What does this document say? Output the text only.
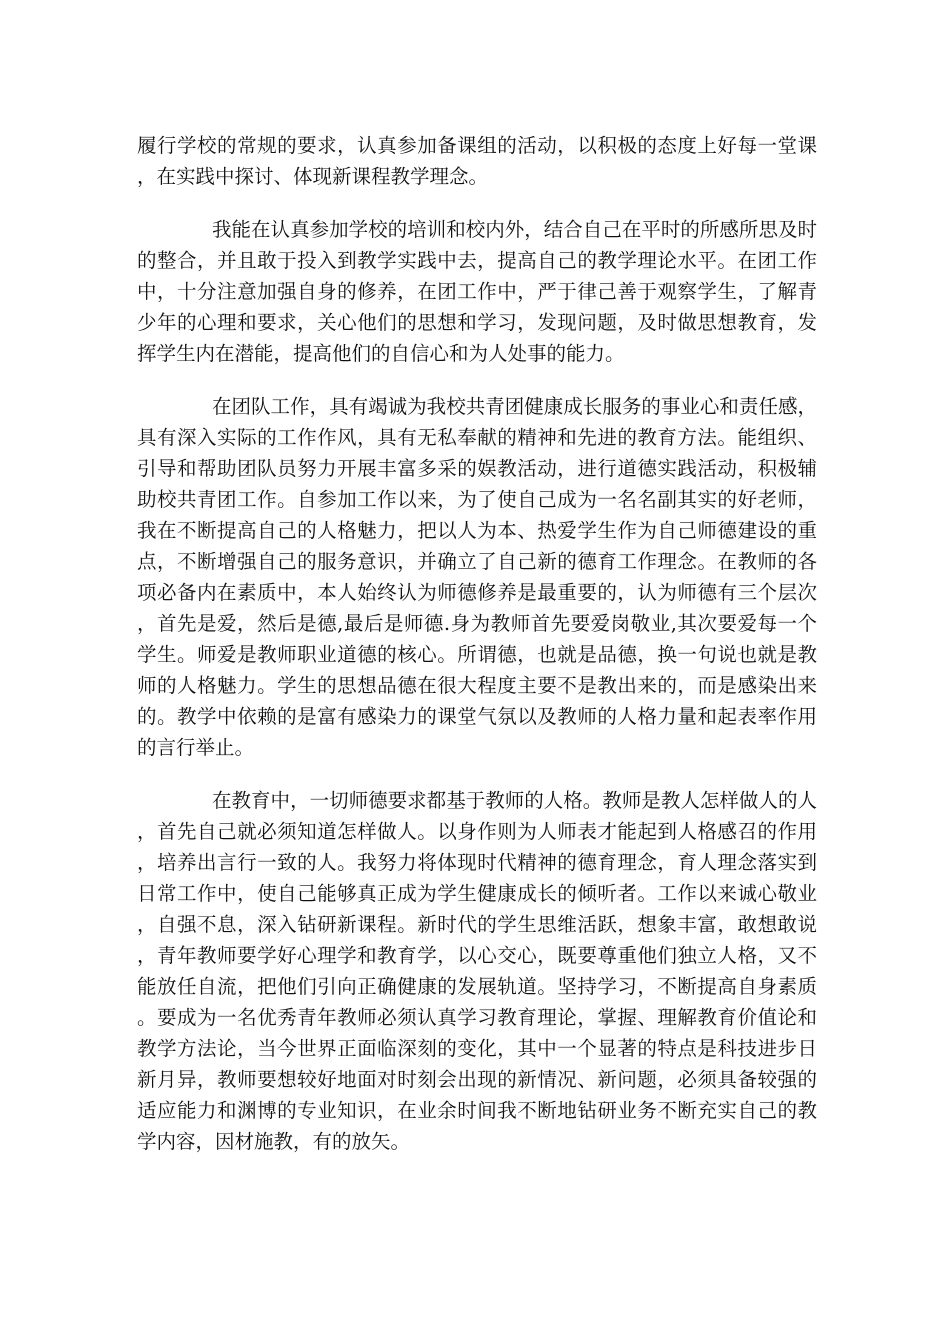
履行学校的常规的要求，认真参加备课组的活动，以积极的态度上好每一堂课，在实践中探讨、体现新课程教学理念。

我能在认真参加学校的培训和校内外，结合自己在平时的所感所思及时的整合，并且敢于投入到教学实践中去，提高自己的教学理论水平。在团工作中，十分注意加强自身的修养，在团工作中，严于律己善于观察学生，了解青少年的心理和要求，关心他们的思想和学习，发现问题，及时做思想教育，发挥学生内在潜能，提高他们的自信心和为人处事的能力。

在团队工作，具有竭诚为我校共青团健康成长服务的事业心和责任感，具有深入实际的工作作风，具有无私奉献的精神和先进的教育方法。能组织、引导和帮助团队员努力开展丰富多采的娱教活动，进行道德实践活动，积极辅助校共青团工作。自参加工作以来，为了使自己成为一名名副其实的好老师，我在不断提高自己的人格魅力，把以人为本、热爱学生作为自己师德建设的重点，不断增强自己的服务意识，并确立了自己新的德育工作理念。在教师的各项必备内在素质中，本人始终认为师德修养是最重要的，认为师德有三个层次，首先是爱，然后是德,最后是师德.身为教师首先要爱岗敬业,其次要爱每一个学生。师爱是教师职业道德的核心。所谓德，也就是品德，换一句说也就是教师的人格魅力。学生的思想品德在很大程度主要不是教出来的，而是感染出来的。教学中依赖的是富有感染力的课堂气氛以及教师的人格力量和起表率作用的言行举止。

在教育中，一切师德要求都基于教师的人格。教师是教人怎样做人的人，首先自己就必须知道怎样做人。以身作则为人师表才能起到人格感召的作用，培养出言行一致的人。我努力将体现时代精神的德育理念，育人理念落实到日常工作中，使自己能够真正成为学生健康成长的倾听者。工作以来诚心敬业，自强不息，深入钻研新课程。新时代的学生思维活跃，想象丰富，敢想敢说，青年教师要学好心理学和教育学，以心交心，既要尊重他们独立人格，又不能放任自流，把他们引向正确健康的发展轨道。坚持学习，不断提高自身素质。要成为一名优秀青年教师必须认真学习教育理论，掌握、理解教育价值论和教学方法论，当今世界正面临深刻的变化，其中一个显著的特点是科技进步日新月异，教师要想较好地面对时刻会出现的新情况、新问题，必须具备较强的适应能力和渊博的专业知识，在业余时间我不断地钻研业务不断充实自己的教学内容，因材施教，有的放矢。
